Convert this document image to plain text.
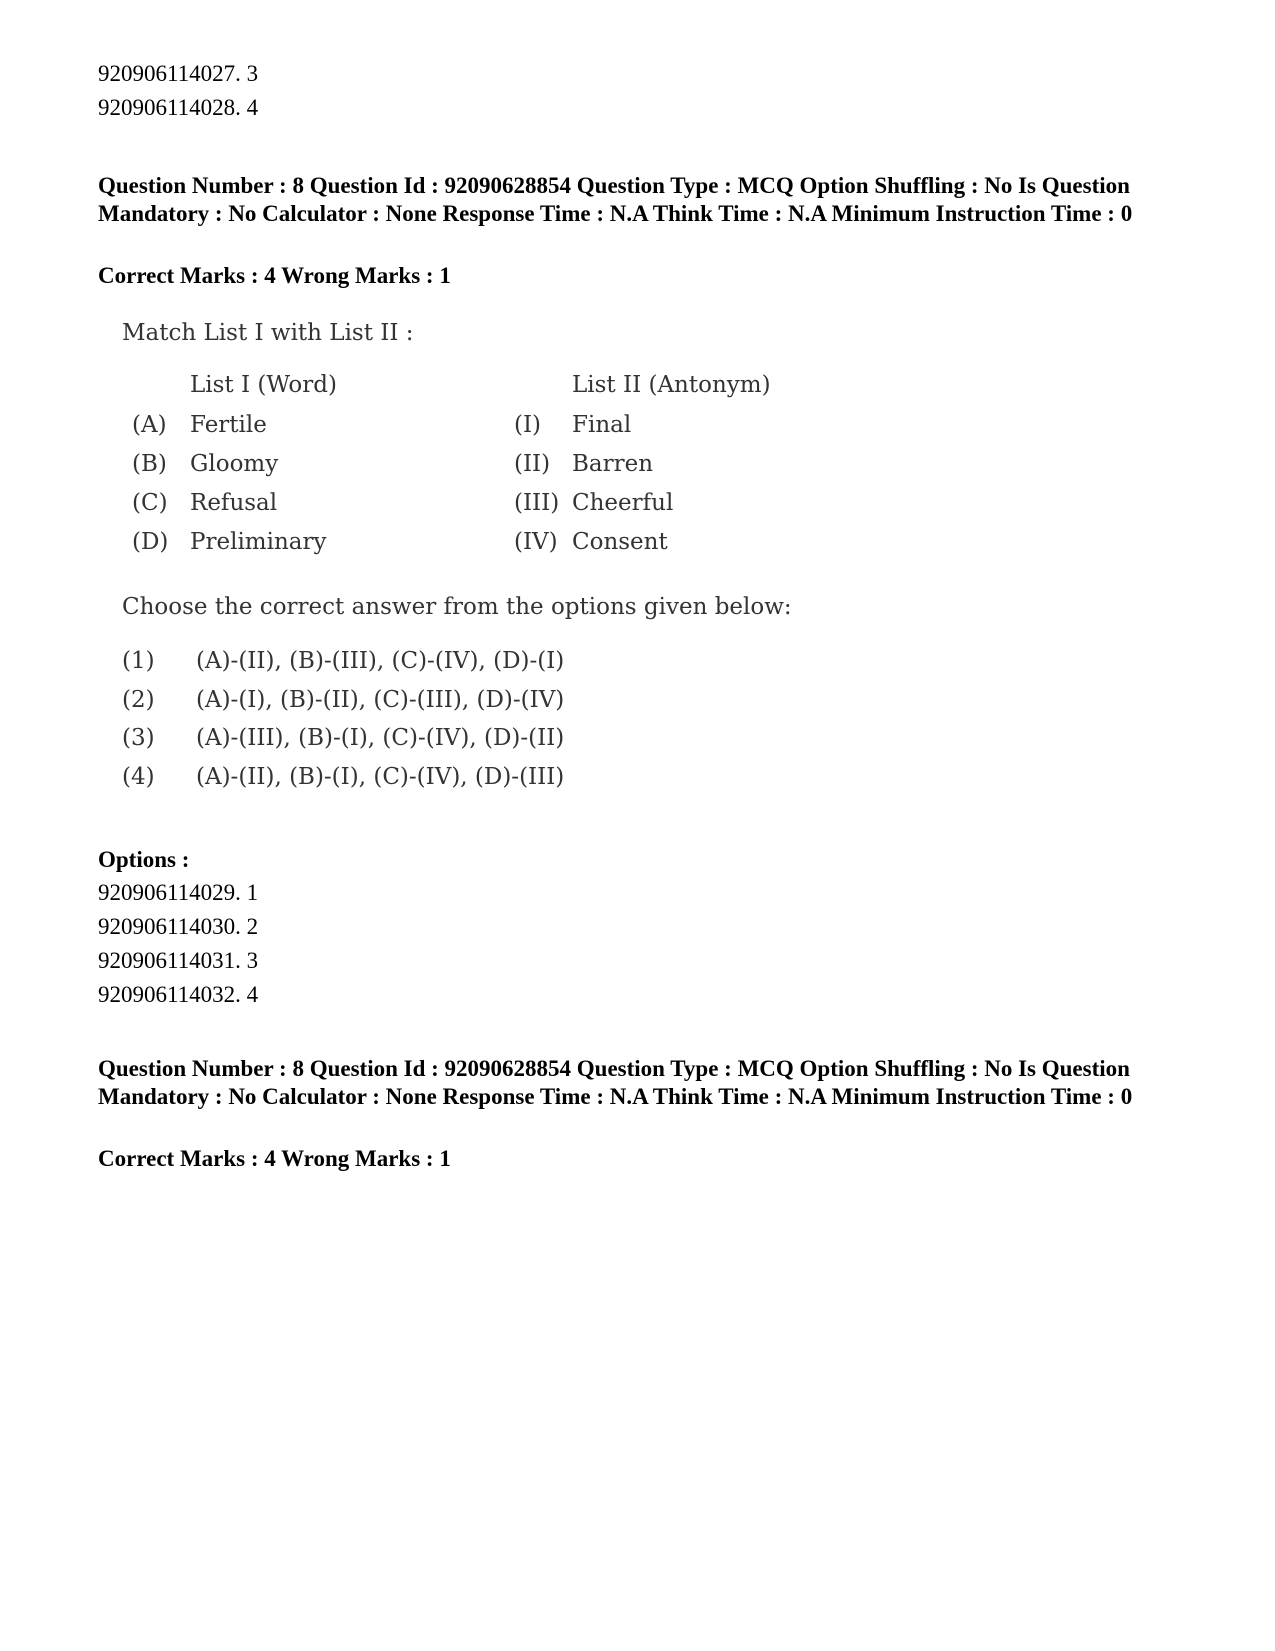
920906114027. 3
920906114028. 4
Question Number : 8 Question Id : 92090628854 Question Type : MCQ Option Shuffling : No Is Question Mandatory : No Calculator : None Response Time : N.A Think Time : N.A Minimum Instruction Time : 0
Correct Marks : 4 Wrong Marks : 1
Match List I with List II :
List I (Word)	List II (Antonym)
(A) Fertile	(I) Final
(B) Gloomy	(II) Barren
(C) Refusal	(III) Cheerful
(D) Preliminary	(IV) Consent
Choose the correct answer from the options given below:
(1) (A)-(II), (B)-(III), (C)-(IV), (D)-(I)
(2) (A)-(I), (B)-(II), (C)-(III), (D)-(IV)
(3) (A)-(III), (B)-(I), (C)-(IV), (D)-(II)
(4) (A)-(II), (B)-(I), (C)-(IV), (D)-(III)
Options :
920906114029. 1
920906114030. 2
920906114031. 3
920906114032. 4
Question Number : 8 Question Id : 92090628854 Question Type : MCQ Option Shuffling : No Is Question Mandatory : No Calculator : None Response Time : N.A Think Time : N.A Minimum Instruction Time : 0
Correct Marks : 4 Wrong Marks : 1
